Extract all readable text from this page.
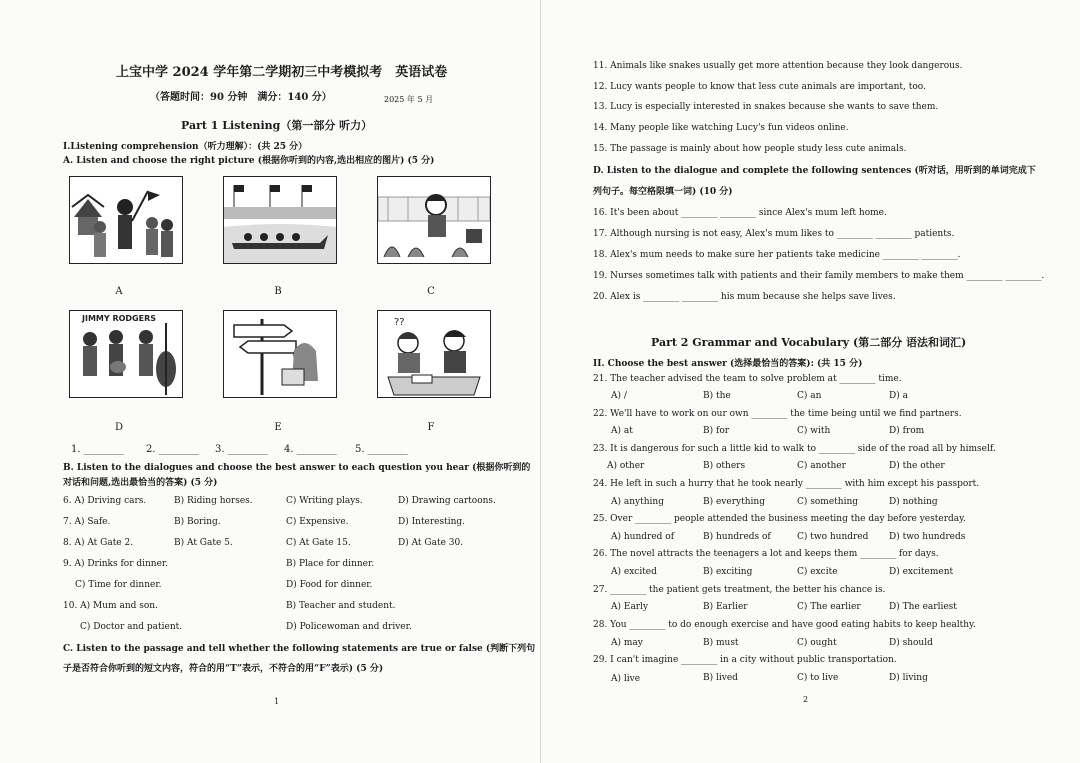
上宝中学 2024 学年第二学期初三中考模拟考　英语试卷
（答题时间：90 分钟　满分：140 分）	2025 年 5 月
Part 1 Listening（第一部分 听力）
I.Listening comprehension（听力理解）：(共 25 分）
A. Listen and choose the right picture (根据你听到的内容,选出相应的图片) (5 分)
A	B	C
JIMMY RODGERS
D	E
??
F
1. ________ 2. ________ 3. ________ 4. ________ 5. ________
B. Listen to the dialogues and choose the best answer to each question you hear (根据你听到的
对话和问题,选出最恰当的答案) (5 分)
6. A) Driving cars.	B) Riding horses.	C) Writing plays.	D) Drawing cartoons.
7. A) Safe.	B) Boring.	C) Expensive.	D) Interesting.
8. A) At Gate 2.	B) At Gate 5.	C) At Gate 15.	D) At Gate 30.
9. A) Drinks for dinner.	B) Place for dinner.
C) Time for dinner.	D) Food for dinner.
10. A) Mum and son.	B) Teacher and student.
C) Doctor and patient.	D) Policewoman and driver.
C. Listen to the passage and tell whether the following statements are true or false (判断下列句
子是否符合你听到的短文内容，符合的用“T”表示，不符合的用“F”表示) (5 分)
1
11. Animals like snakes usually get more attention because they look dangerous.
12. Lucy wants people to know that less cute animals are important, too.
13. Lucy is especially interested in snakes because she wants to save them.
14. Many people like watching Lucy's fun videos online.
15. The passage is mainly about how people study less cute animals.
D. Listen to the dialogue and complete the following sentences (听对话，用听到的单词完成下
列句子。每空格限填一词) (10 分)
16. It's been about ________ ________ since Alex's mum left home.
17. Although nursing is not easy, Alex's mum likes to ________ ________ patients.
18. Alex's mum needs to make sure her patients take medicine ________ ________.
19. Nurses sometimes talk with patients and their family members to make them ________ ________.
20. Alex is ________ ________ his mum because she helps save lives.
Part 2 Grammar and Vocabulary (第二部分 语法和词汇)
II. Choose the best answer (选择最恰当的答案): (共 15 分)
21. The teacher advised the team to solve problem at ________ time.
A) /	B) the	C) an	D) a
22. We'll have to work on our own ________ the time being until we find partners.
A) at	B) for	C) with	D) from
23. It is dangerous for such a little kid to walk to ________ side of the road all by himself.
A) other	B) others	C) another	D) the other
24. He left in such a hurry that he took nearly ________ with him except his passport.
A) anything	B) everything	C) something	D) nothing
25. Over ________ people attended the business meeting the day before yesterday.
A) hundred of	B) hundreds of	C) two hundred D) two hundreds
26. The novel attracts the teenagers a lot and keeps them ________ for days.
A) excited	B) exciting	C) excite	D) excitement
27. ________ the patient gets treatment, the better his chance is.
A) Early	B) Earlier	C) The earlier	D) The earliest
28. You ________ to do enough exercise and have good eating habits to keep healthy.
A) may	B) must	C) ought	D) should
29. I can't imagine ________ in a city without public transportation.
A) live	B) lived	C) to live	D) living
2
